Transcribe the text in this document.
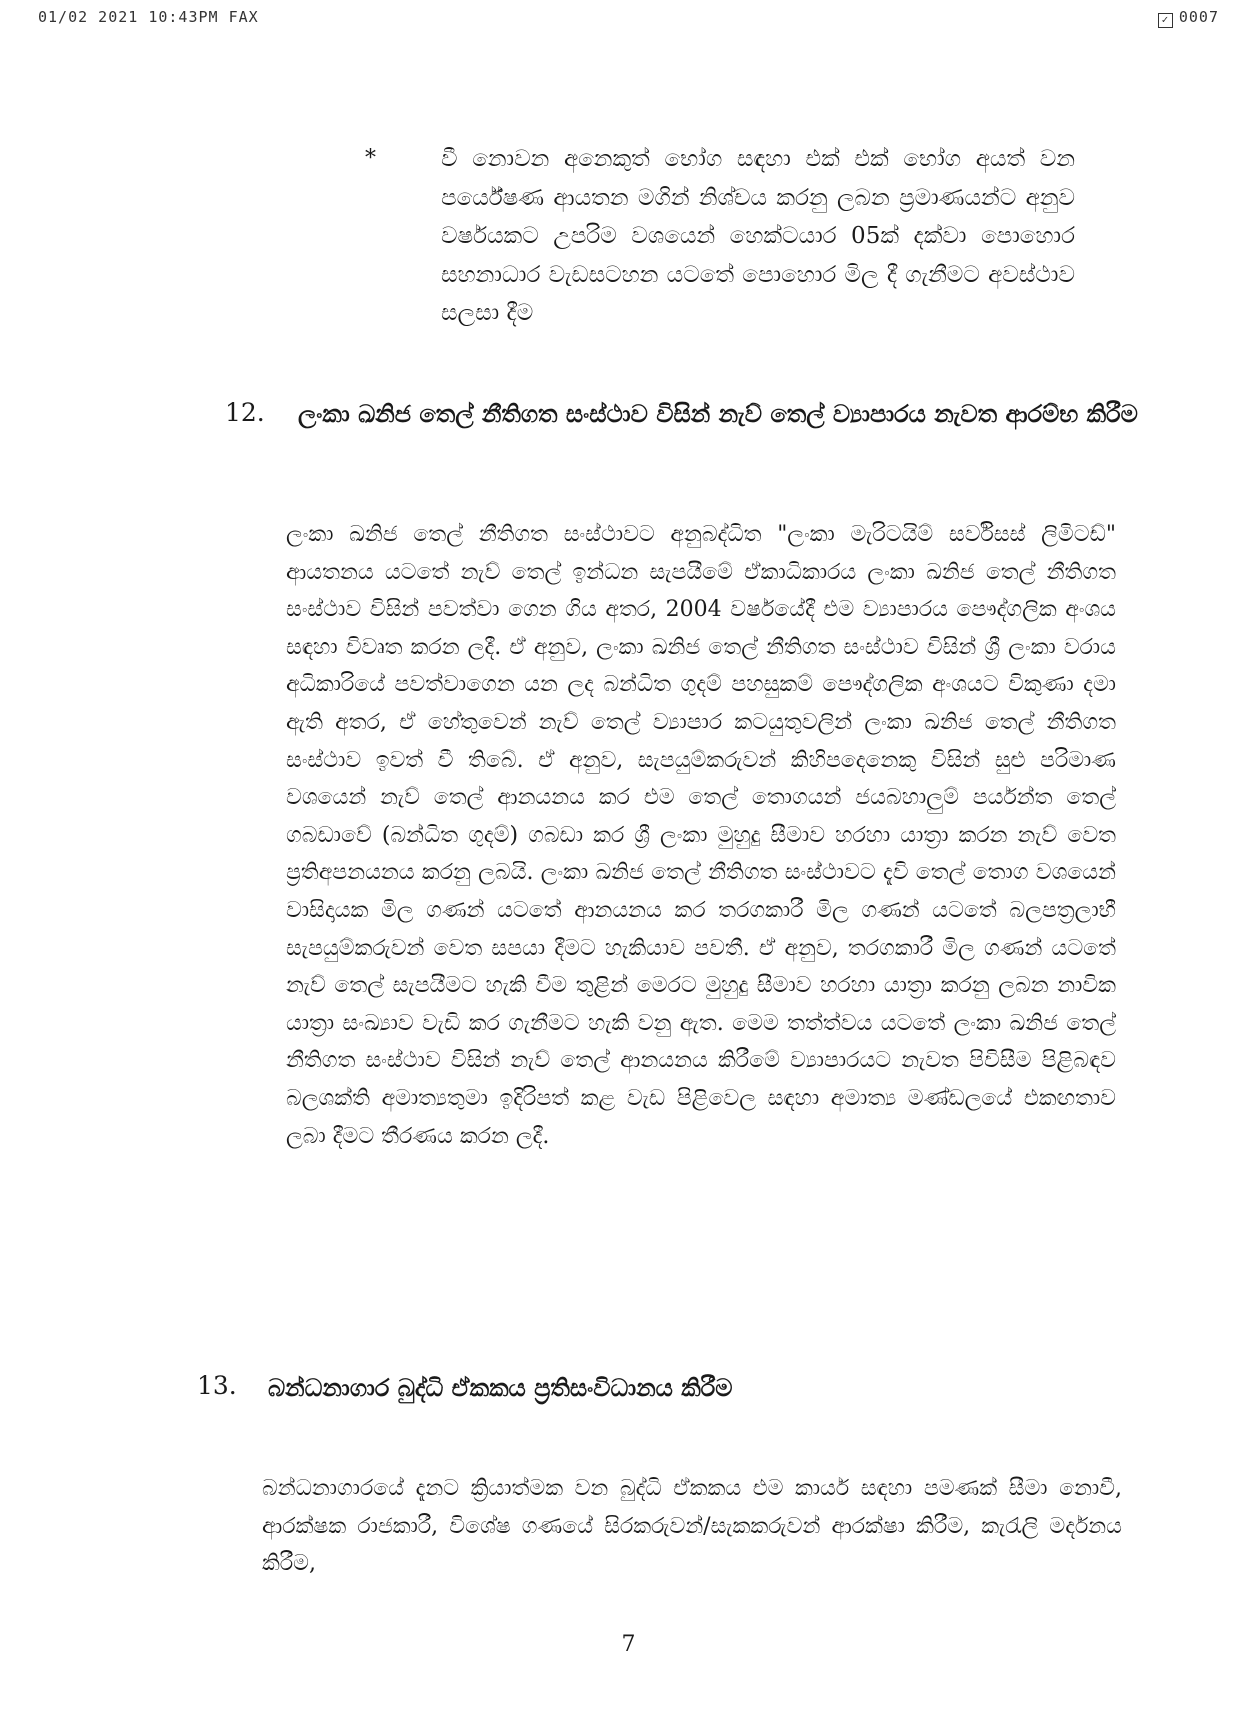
01/02 2021 10:43PM FAX	✓ 0007
*	වී නොවන අනෙකුත් භෝග සඳහා එක් එක් භෝග අයත් වන පර්යේෂණ ආයතන මගින් නිශ්චය කරනු ලබන ප්‍රමාණයන්ට අනුව වර්ෂයකට උපරිම වශයෙන් හෙක්ටයාර 05ක් දක්වා පොහොර සහනාධාර වැඩසටහන යටතේ පොහොර මිල දී ගැනීමට අවස්ථාව සලසා දීම
12. ලංකා ඛනිජ තෙල් නීතිගත සංස්ථාව විසින් නැව් තෙල් ව්‍යාපාරය නැවත ආරම්භ කිරීම
ලංකා ඛනිජ තෙල් නීතිගත සංස්ථාවට අනුබද්ධිත "ලංකා මැරිටයිම් සර්විසස් ලිමිටඩ්" ආයතනය යටතේ නැව් තෙල් ඉන්ධන සැපයීමේ ඒකාධිකාරය ලංකා ඛනිජ තෙල් නීතිගත සංස්ථාව විසින් පවත්වා ගෙන ගිය අතර, 2004 වර්ෂයේදී එම ව්‍යාපාරය පෞද්ගලික අංශය සඳහා විවෘත කරන ලදී. ඒ අනුව, ලංකා ඛනිජ තෙල් නීතිගත සංස්ථාව විසින් ශ්‍රී ලංකා වරාය අධිකාරියේ පවත්වාගෙන යන ලද බන්ධිත ගුදම් පහසුකම් පෞද්ගලික අංශයට විකුණා දමා ඇති අතර, ඒ හේතුවෙන් නැව් තෙල් ව්‍යාපාර කටයුතුවලින් ලංකා ඛනිජ තෙල් නීතිගත සංස්ථාව ඉවත් වී තිබේ. ඒ අනුව, සැපයුම්කරුවන් කිහිපදෙනෙකු විසින් සුළු පරිමාණ වශයෙන් නැව් තෙල් ආනයනය කර එම තෙල් තොගයන් ජයබහාලුම් පර්යන්ත තෙල් ගබඩාවේ (බන්ධිත ගුදම්) ගබඩා කර ශ්‍රී ලංකා මුහුදු සීමාව හරහා යාත්‍රා කරන නැව් වෙත ප්‍රතිඅපනයනය කරනු ලබයි. ලංකා ඛනිජ තෙල් නීතිගත සංස්ථාවට දැවි තෙල් තොග වශයෙන් වාසිදායක මිල ගණන් යටතේ ආනයනය කර තරගකාරී මිල ගණන් යටතේ බලපත්‍රලාභී සැපයුම්කරුවන් වෙත සපයා දීමට හැකියාව පවතී. ඒ අනුව, තරගකාරී මිල ගණන් යටතේ නැව් තෙල් සැපයීමට හැකි වීම තුළින් මෙරට මුහුදු සීමාව හරහා යාත්‍රා කරනු ලබන නාවික යාත්‍රා සංඛ්‍යාව වැඩි කර ගැනීමට හැකි වනු ඇත. මෙම තත්ත්වය යටතේ ලංකා ඛනිජ තෙල් නීතිගත සංස්ථාව විසින් නැව් තෙල් ආනයනය කිරීමේ ව්‍යාපාරයට නැවත පිවිසීම පිළිබඳව බලශක්ති අමාත්‍යතුමා ඉදිරිපත් කළ වැඩ පිළිවෙල සඳහා අමාත්‍ය මණ්ඩලයේ එකඟතාව ලබා දීමට තීරණය කරන ලදී.
13. බන්ධනාගාර බුද්ධි ඒකකය ප්‍රතිසංවිධානය කිරීම
බන්ධනාගාරයේ දැනට ක්‍රියාත්මක වන බුද්ධි ඒකකය එම කාර්ය සඳහා පමණක් සීමා නොවී, ආරක්ෂක රාජකාරී, විශේෂ ගණයේ සිරකරුවන්/සැකකරුවන් ආරක්ෂා කිරීම, කැරැලි මර්දනය කිරීම,
7
